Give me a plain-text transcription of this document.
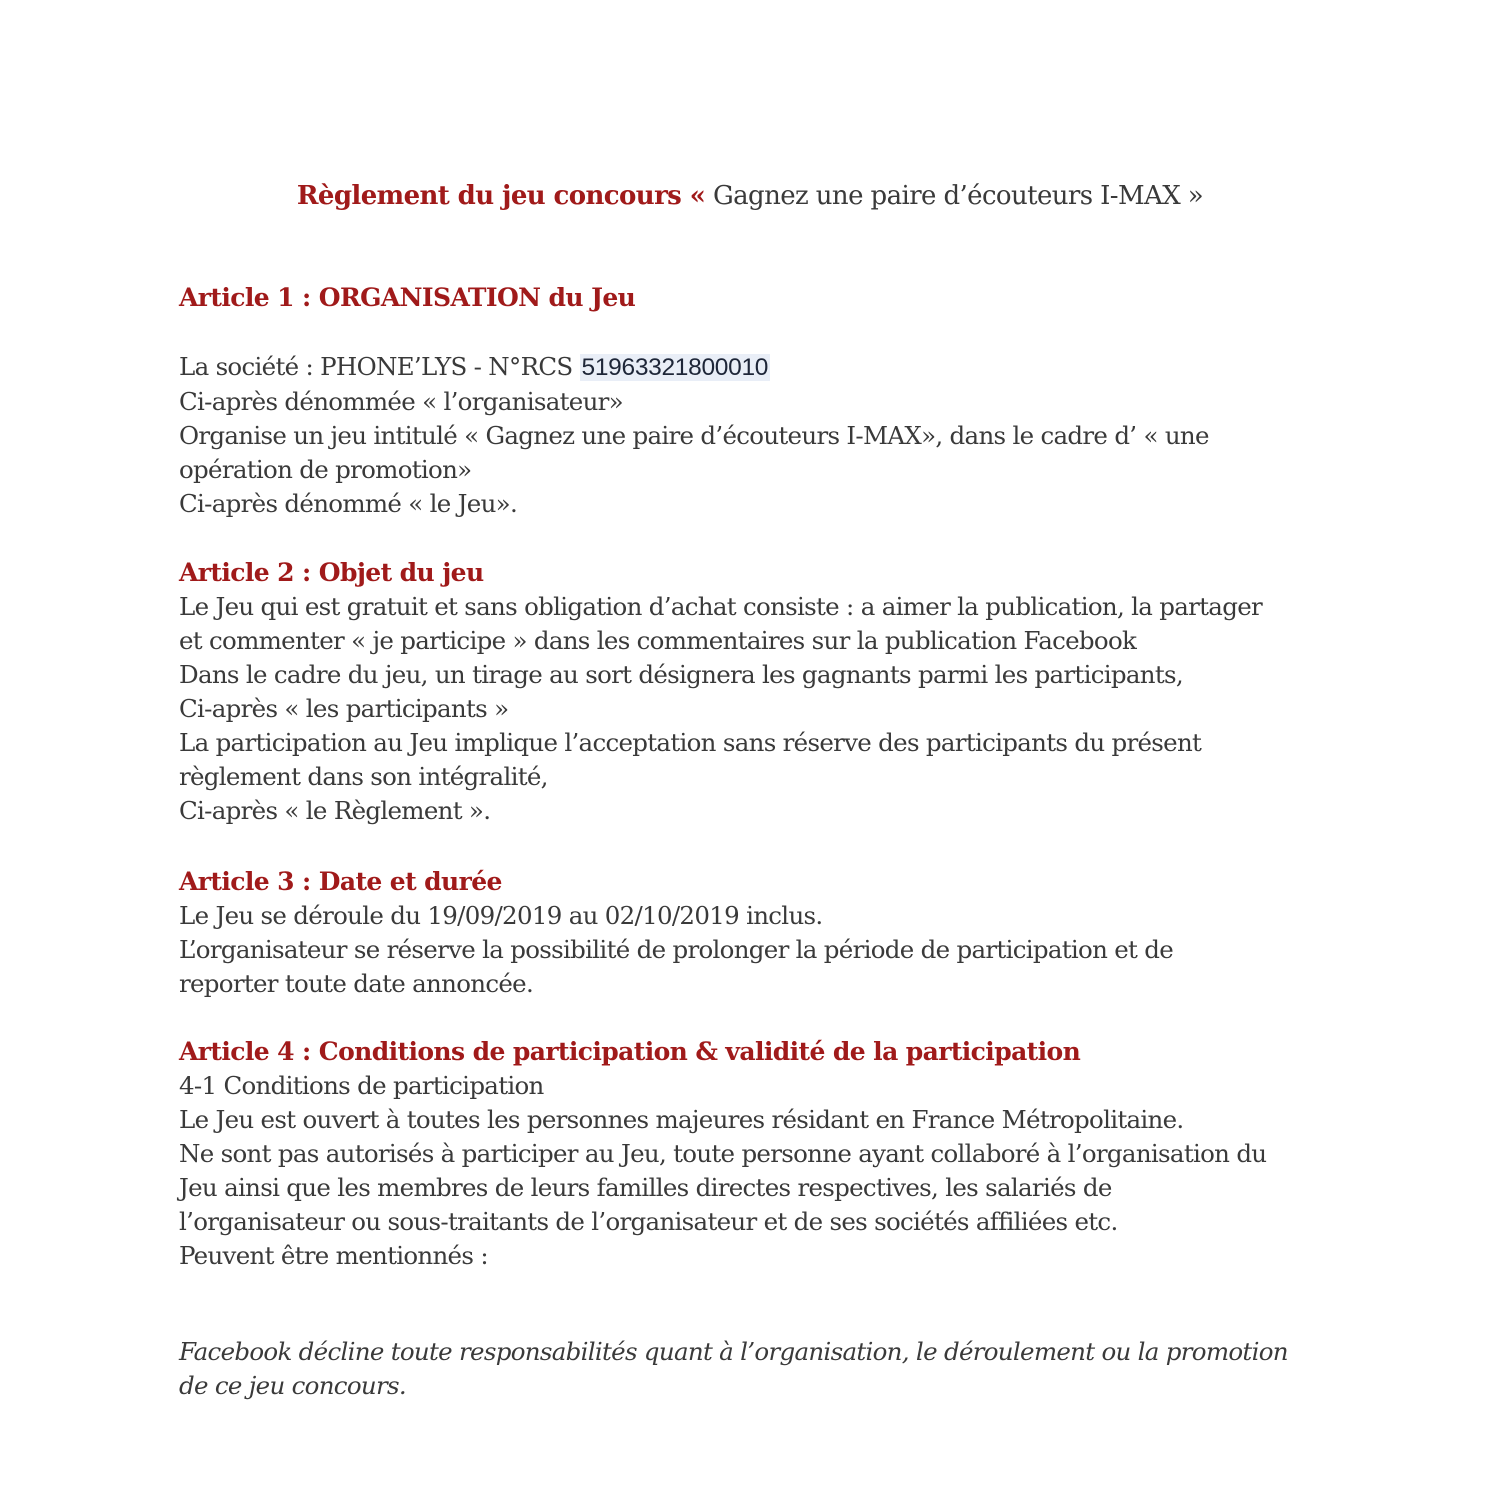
Règlement du jeu concours « Gagnez une paire d’écouteurs I-MAX »
Article 1 : ORGANISATION du Jeu
La société : PHONE’LYS - N°RCS 51963321800010
Ci-après dénommée « l’organisateur»
Organise un jeu intitulé « Gagnez une paire d’écouteurs I-MAX», dans le cadre d’ « une
opération de promotion»
Ci-après dénommé « le Jeu».
Article 2 : Objet du jeu
Le Jeu qui est gratuit et sans obligation d’achat consiste : a aimer la publication, la partager
et commenter « je participe » dans les commentaires sur la publication Facebook
Dans le cadre du jeu, un tirage au sort désignera les gagnants parmi les participants,
Ci-après « les participants »
La participation au Jeu implique l’acceptation sans réserve des participants du présent
règlement dans son intégralité,
Ci-après « le Règlement ».
Article 3 : Date et durée
Le Jeu se déroule du 19/09/2019 au 02/10/2019 inclus.
L’organisateur se réserve la possibilité de prolonger la période de participation et de
reporter toute date annoncée.
Article 4 : Conditions de participation & validité de la participation
4-1 Conditions de participation
Le Jeu est ouvert à toutes les personnes majeures résidant en France Métropolitaine.
Ne sont pas autorisés à participer au Jeu, toute personne ayant collaboré à l’organisation du
Jeu ainsi que les membres de leurs familles directes respectives, les salariés de
l’organisateur ou sous-traitants de l’organisateur et de ses sociétés affiliées etc.
Peuvent être mentionnés :
Facebook décline toute responsabilités quant à l’organisation, le déroulement ou la promotion
de ce jeu concours.
